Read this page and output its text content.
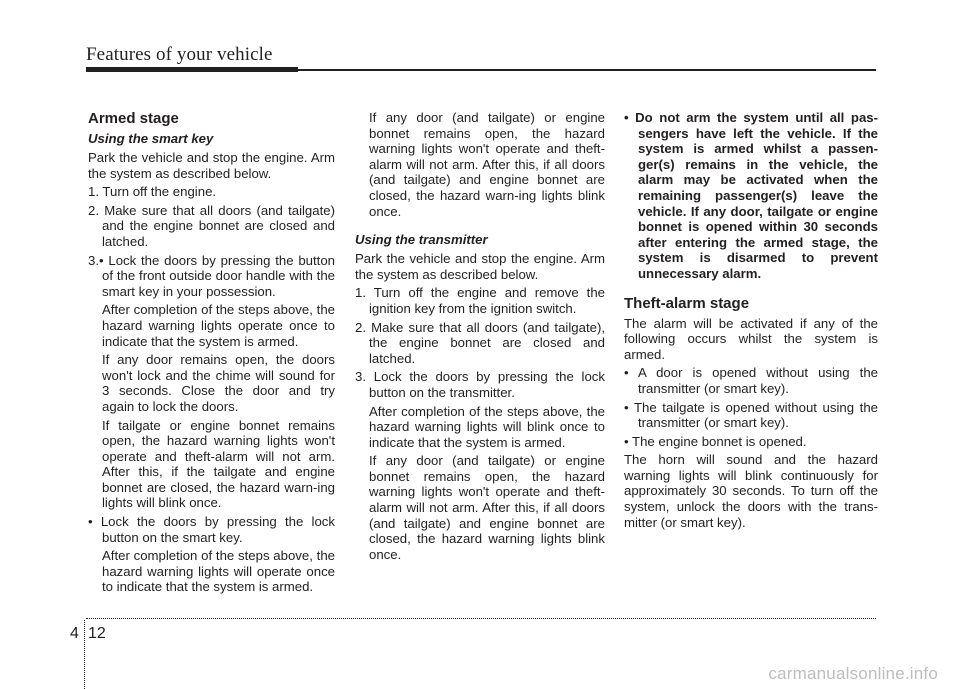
Features of your vehicle
Armed stage
Using the smart key

Park the vehicle and stop the engine. Arm the system as described below.

1. Turn off the engine.
2. Make sure that all doors (and tailgate) and the engine bonnet are closed and latched.
3.• Lock the doors by pressing the button of the front outside door handle with the smart key in your possession.
After completion of the steps above, the hazard warning lights operate once to indicate that the system is armed.
If any door remains open, the doors won't lock and the chime will sound for 3 seconds. Close the door and try again to lock the doors.
If tailgate or engine bonnet remains open, the hazard warning lights won't operate and theft-alarm will not arm. After this, if the tailgate and engine bonnet are closed, the hazard warn-ing lights will blink once.
• Lock the doors by pressing the lock button on the smart key.
After completion of the steps above, the hazard warning lights will operate once to indicate that the system is armed.
If any door (and tailgate) or engine bonnet remains open, the hazard warning lights won't operate and theft-alarm will not arm. After this, if all doors (and tailgate) and engine bonnet are closed, the hazard warn-ing lights blink once.
Using the transmitter

Park the vehicle and stop the engine. Arm the system as described below.

1. Turn off the engine and remove the ignition key from the ignition switch.
2. Make sure that all doors (and tailgate), the engine bonnet are closed and latched.
3. Lock the doors by pressing the lock button on the transmitter.
After completion of the steps above, the hazard warning lights will blink once to indicate that the system is armed.
If any door (and tailgate) or engine bonnet remains open, the hazard warning lights won't operate and theft-alarm will not arm. After this, if all doors (and tailgate) and engine bonnet are closed, the hazard warning lights blink once.
• Do not arm the system until all pas-sengers have left the vehicle. If the system is armed whilst a passen-ger(s) remains in the vehicle, the alarm may be activated when the remaining passenger(s) leave the vehicle. If any door, tailgate or engine bonnet is opened within 30 seconds after entering the armed stage, the system is disarmed to prevent unnecessary alarm.
Theft-alarm stage

The alarm will be activated if any of the following occurs whilst the system is armed.

• A door is opened without using the transmitter (or smart key).
• The tailgate is opened without using the transmitter (or smart key).
• The engine bonnet is opened.

The horn will sound and the hazard warning lights will blink continuously for approximately 30 seconds. To turn off the system, unlock the doors with the trans-mitter (or smart key).

4 12
carmanualsonline.info
